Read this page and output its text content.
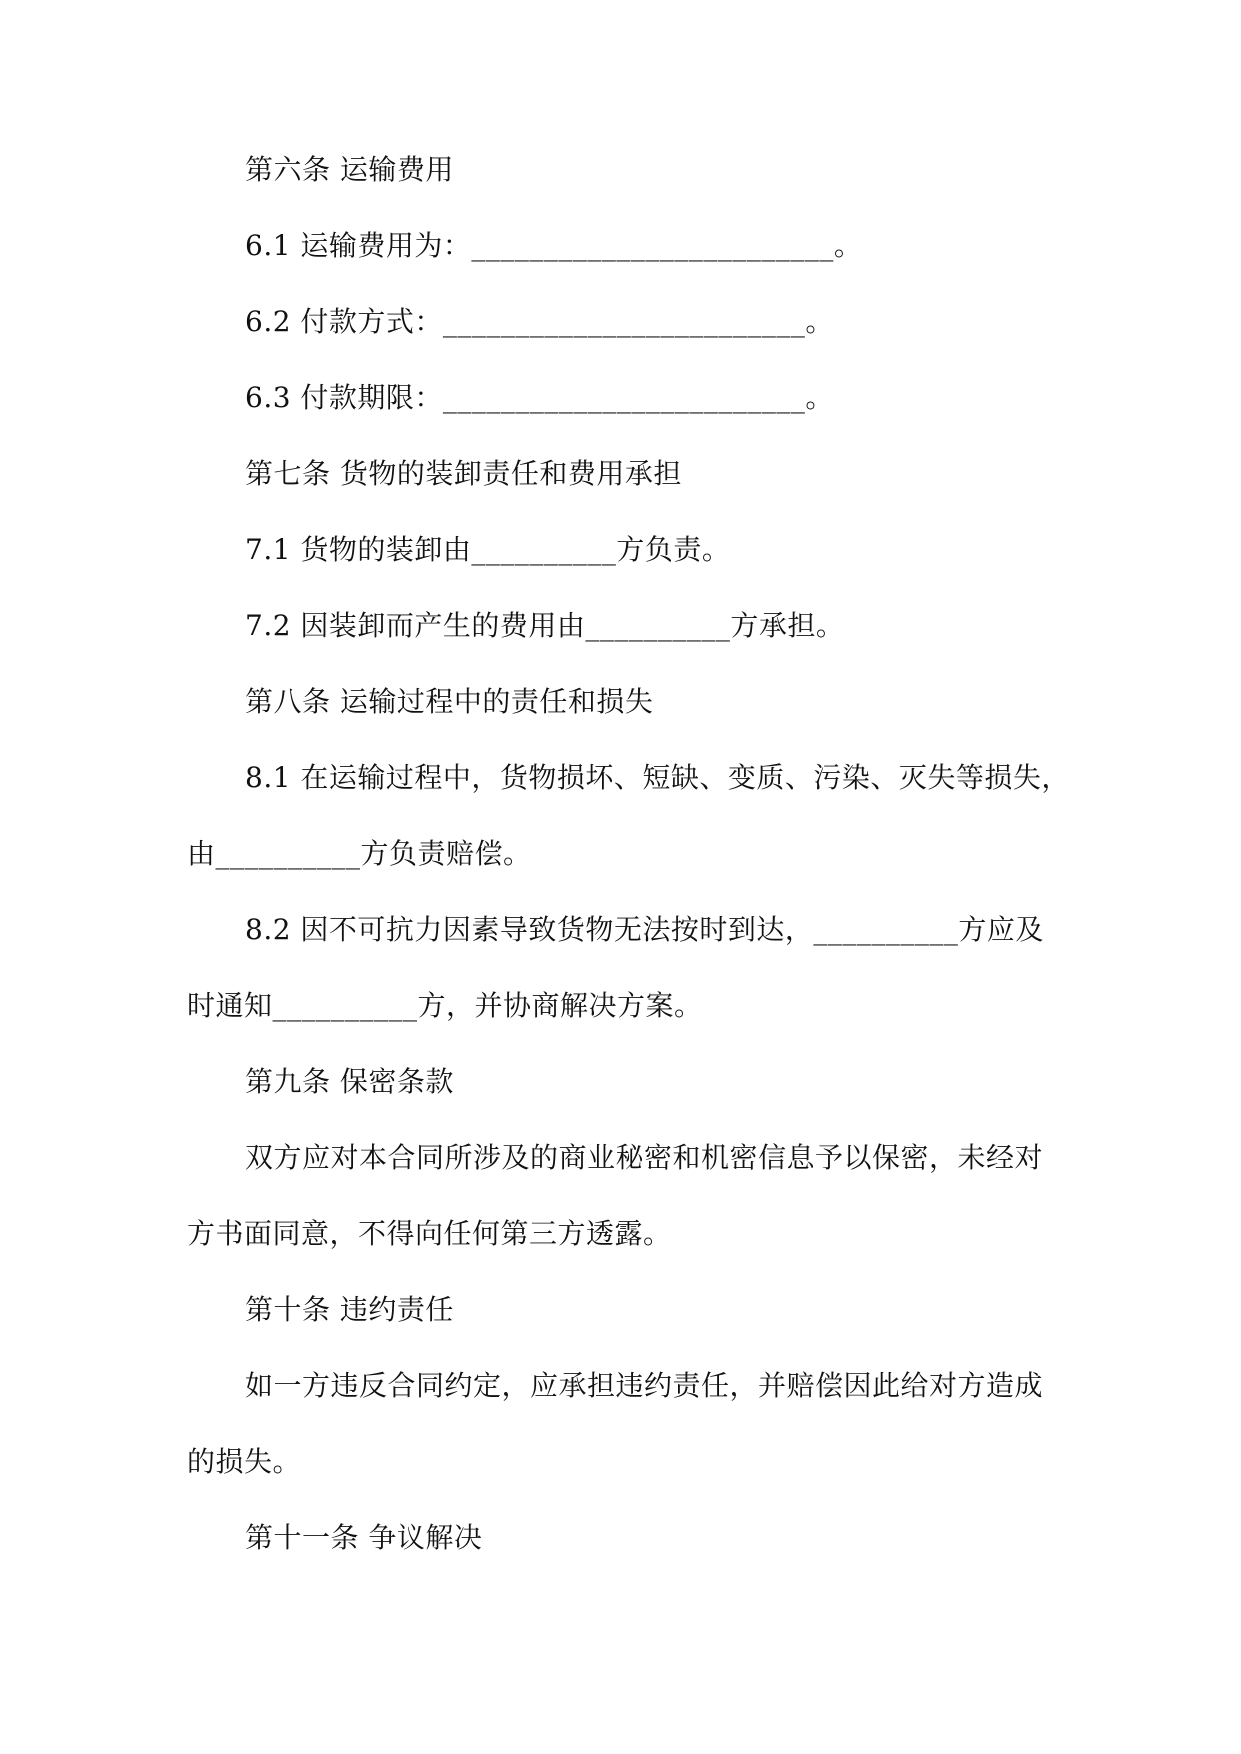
第六条 运输费用
6.1 运输费用为：_________________________。
6.2 付款方式：_________________________。
6.3 付款期限：_________________________。
第七条 货物的装卸责任和费用承担
7.1 货物的装卸由__________方负责。
7.2 因装卸而产生的费用由__________方承担。
第八条 运输过程中的责任和损失
8.1 在运输过程中，货物损坏、短缺、变质、污染、灭失等损失，
由__________方负责赔偿。
8.2 因不可抗力因素导致货物无法按时到达，__________方应及
时通知__________方，并协商解决方案。
第九条 保密条款
双方应对本合同所涉及的商业秘密和机密信息予以保密，未经对
方书面同意，不得向任何第三方透露。
第十条 违约责任
如一方违反合同约定，应承担违约责任，并赔偿因此给对方造成
的损失。
第十一条 争议解决
